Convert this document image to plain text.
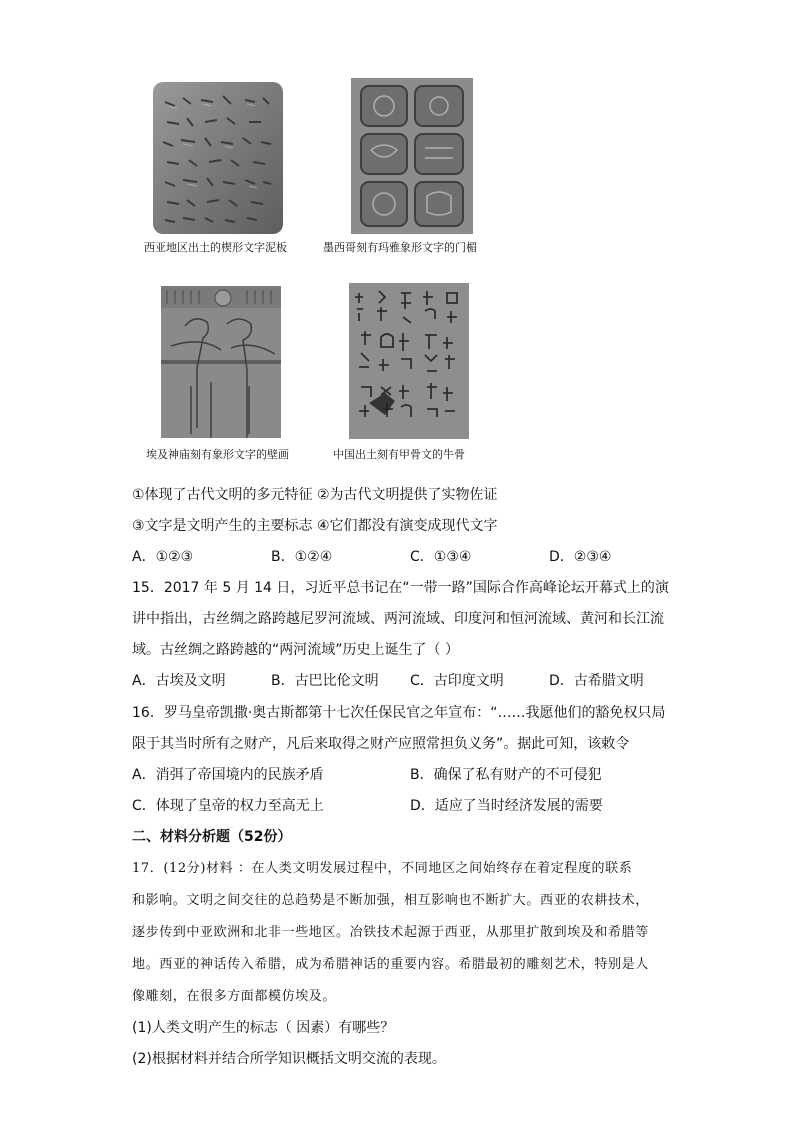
西亚地区出土的楔形文字泥板	墨西哥刻有玛雅象形文字的门楣
埃及神庙刻有象形文字的壁画	中国出土刻有甲骨文的牛骨
①体现了古代文明的多元特征 ②为古代文明提供了实物佐证
③文字是文明产生的主要标志 ④它们都没有演变成现代文字
A．①②③	B．①②④	C．①③④	D．②③④
15．2017 年 5 月 14 日，习近平总书记在“一带一路”国际合作高峰论坛开幕式上的演
讲中指出，古丝绸之路跨越尼罗河流域、两河流域、印度河和恒河流域、黄河和长江流
域。古丝绸之路跨越的“两河流域”历史上诞生了（ ）
A．古埃及文明	B．古巴比伦文明 C．古印度文明	D．古希腊文明
16．罗马皇帝凯撒·奥古斯都第十七次任保民官之年宣布：“……我愿他们的豁免权只局
限于其当时所有之财产，凡后来取得之财产应照常担负义务”。据此可知，该敕令
A．消弭了帝国境内的民族矛盾	B．确保了私有财产的不可侵犯
C．体现了皇帝的权力至高无上	D．适应了当时经济发展的需要
二、材料分析题（52份）
17．(12分)材料 ：在人类文明发展过程中，不同地区之间始终存在着定程度的联系
和影响。文明之间交往的总趋势是不断加强，相互影响也不断扩大。西亚的农耕技术，
逐步传到中亚欧洲和北非一些地区。冶铁技术起源于西亚，从那里扩散到埃及和希腊等
地。西亚的神话传入希腊，成为希腊神话的重要内容。希腊最初的雕刻艺术，特别是人
像雕刻，在很多方面都模仿埃及。
(1)人类文明产生的标志（ 因素）有哪些？
(2)根据材料并结合所学知识概括文明交流的表现。
